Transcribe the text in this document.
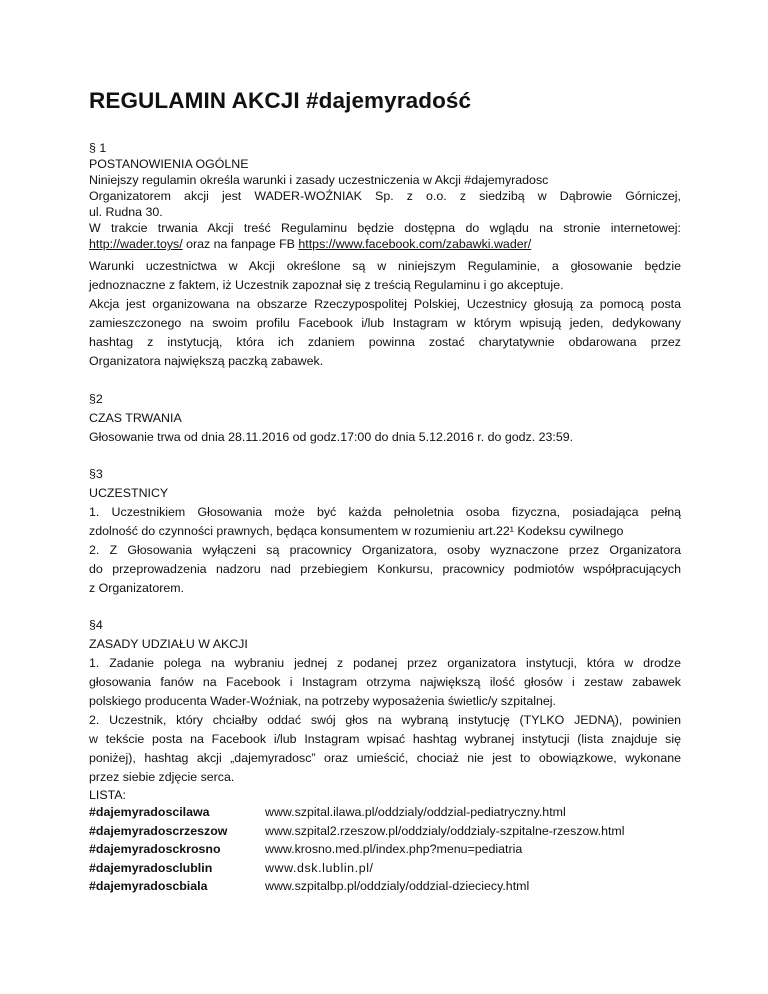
REGULAMIN AKCJI #dajemyradość
§ 1
POSTANOWIENIA OGÓLNE
Niniejszy regulamin określa warunki i zasady uczestniczenia w Akcji #dajemyradosc
Organizatorem akcji jest WADER-WOŹNIAK Sp. z o.o. z siedzibą w Dąbrowie Górniczej,
ul. Rudna 30.
W trakcie trwania Akcji treść Regulaminu będzie dostępna do wglądu na stronie internetowej:
http://wader.toys/ oraz na fanpage FB https://www.facebook.com/zabawki.wader/
Warunki uczestnictwa w Akcji określone są w niniejszym Regulaminie, a głosowanie będzie
jednoznaczne z faktem, iż Uczestnik zapoznał się z treścią Regulaminu i go akceptuje.
Akcja jest organizowana na obszarze Rzeczypospolitej Polskiej, Uczestnicy głosują za pomocą posta
zamieszczonego na swoim profilu Facebook i/lub Instagram w którym wpisują jeden, dedykowany
hashtag z instytucją, która ich zdaniem powinna zostać charytatywnie obdarowana przez
Organizatora największą paczką zabawek.
§2
CZAS TRWANIA
Głosowanie trwa od dnia 28.11.2016 od godz.17:00 do dnia 5.12.2016 r. do godz. 23:59.
§3
UCZESTNICY
1. Uczestnikiem Głosowania może być każda pełnoletnia osoba fizyczna, posiadająca pełną
zdolność do czynności prawnych, będąca konsumentem w rozumieniu art.22¹ Kodeksu cywilnego
2. Z Głosowania wyłączeni są pracownicy Organizatora, osoby wyznaczone przez Organizatora
do przeprowadzenia nadzoru nad przebiegiem Konkursu, pracownicy podmiotów współpracujących
z Organizatorem.
§4
ZASADY UDZIAŁU W AKCJI
1. Zadanie polega na wybraniu jednej z podanej przez organizatora instytucji, która w drodze
głosowania fanów na Facebook i Instagram otrzyma największą ilość głosów i zestaw zabawek
polskiego producenta Wader-Woźniak, na potrzeby wyposażenia świetlic/y szpitalnej.
2. Uczestnik, który chciałby oddać swój głos na wybraną instytucję (TYLKO JEDNĄ), powinien
w tekście posta na Facebook i/lub Instagram wpisać hashtag wybranej instytucji (lista znajduje się
poniżej), hashtag akcji „dajemyradosc” oraz umieścić, chociaż nie jest to obowiązkowe, wykonane
przez siebie zdjęcie serca.
LISTA:
#dajemyradoscilawa	www.szpital.ilawa.pl/oddzialy/oddzial-pediatryczny.html
#dajemyradoscrzeszow	www.szpital2.rzeszow.pl/oddzialy/oddzialy-szpitalne-rzeszow.html
#dajemyradosckrosno	www.krosno.med.pl/index.php?menu=pediatria
#dajemyradosclublin	www.dsk.lublin.pl/
#dajemyradoscbiala	www.szpitalbp.pl/oddzialy/oddzial-dzieciecy.html
